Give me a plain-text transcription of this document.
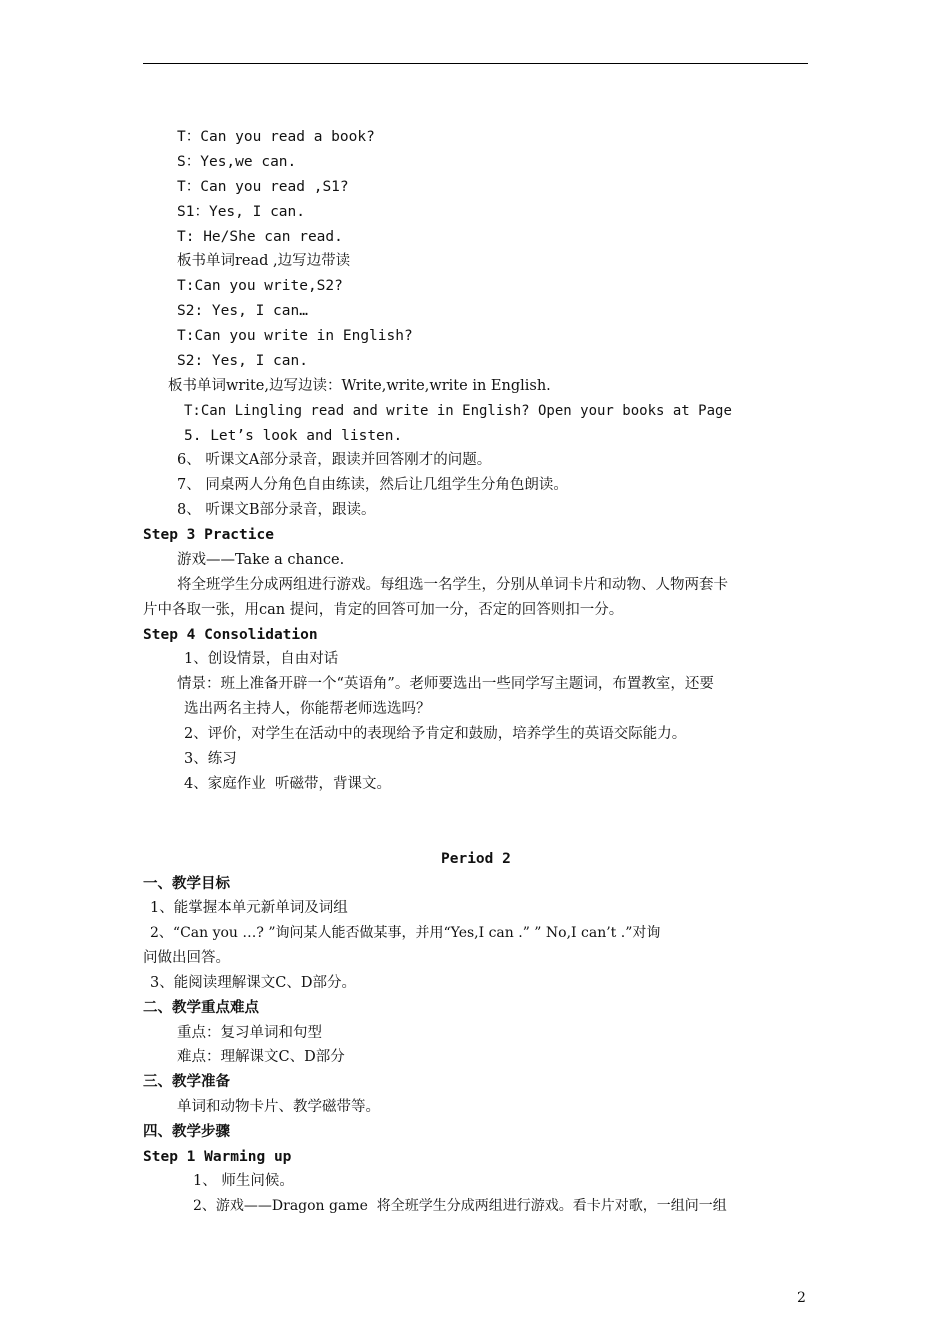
T：Can you read a book?
S：Yes,we can.
T：Can you read ,S1?
S1：Yes, I can.
T: He/She can read.
板书单词read ,边写边带读
T:Can you write,S2?
S2: Yes, I can…
T:Can you write in English?
S2: Yes, I can.
板书单词write,边写边读：Write,write,write in English.
T:Can Lingling read and write in English? Open your books at Page
5. Let’s look and listen.
6、 听课文A部分录音，跟读并回答刚才的问题。
7、 同桌两人分角色自由练读，然后让几组学生分角色朗读。
8、 听课文B部分录音，跟读。
Step 3 Practice
游戏——Take a chance.
将全班学生分成两组进行游戏。每组选一名学生，分别从单词卡片和动物、人物两套卡
片中各取一张，用can 提问，肯定的回答可加一分，否定的回答则扣一分。
Step 4 Consolidation
1、创设情景，自由对话
情景：班上准备开辟一个“英语角”。老师要选出一些同学写主题词，布置教室，还要
选出两名主持人，你能帮老师选选吗？
2、评价，对学生在活动中的表现给予肯定和鼓励，培养学生的英语交际能力。
3、练习
4、家庭作业  听磁带，背课文。
Period 2
一、教学目标
1、能掌握本单元新单词及词组
2、“Can you …? ”询问某人能否做某事，并用“Yes,I can .” ” No,I can’t .”对询
问做出回答。
3、能阅读理解课文C、D部分。
二、教学重点难点
重点：复习单词和句型
难点：理解课文C、D部分
三、教学准备
单词和动物卡片、教学磁带等。
四、教学步骤
Step 1 Warming up
1、 师生问候。
2、游戏——Dragon game  将全班学生分成两组进行游戏。看卡片对歌，一组问一组
2
